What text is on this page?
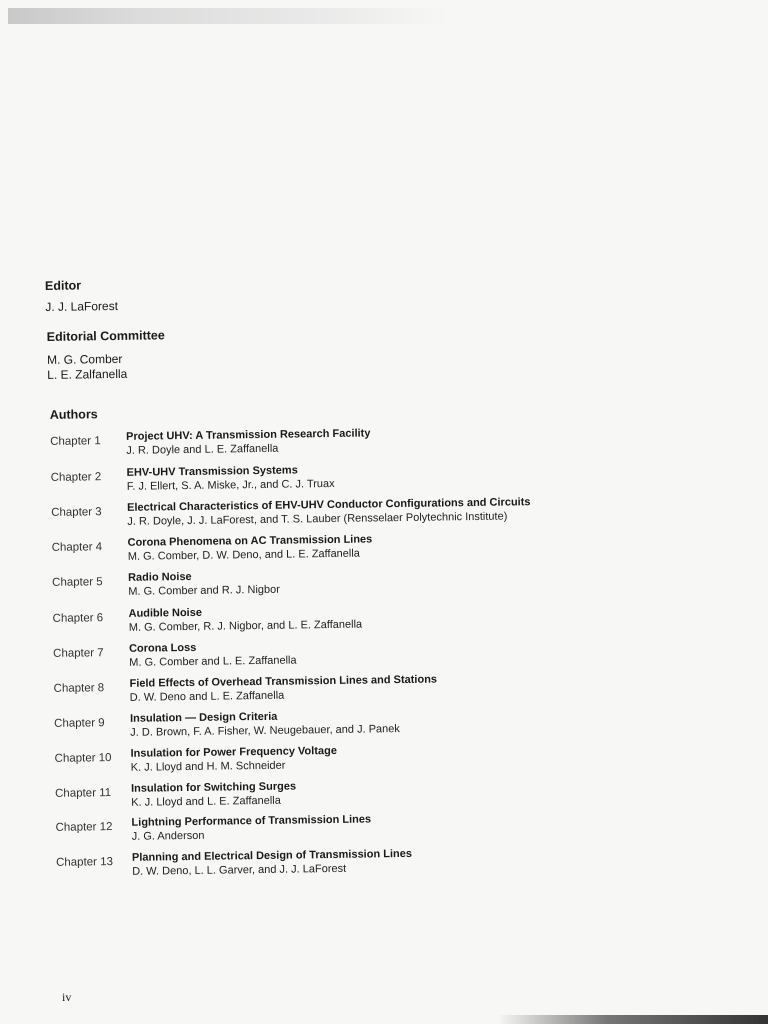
Editor
J. J. LaForest
Editorial Committee
M. G. Comber
L. E. Zalfanella
Authors
Chapter 1	Project UHV: A Transmission Research Facility
J. R. Doyle and L. E. Zaffanella
Chapter 2	EHV-UHV Transmission Systems
F. J. Ellert, S. A. Miske, Jr., and C. J. Truax
Chapter 3	Electrical Characteristics of EHV-UHV Conductor Configurations and Circuits
J. R. Doyle, J. J. LaForest, and T. S. Lauber (Rensselaer Polytechnic Institute)
Chapter 4	Corona Phenomena on AC Transmission Lines
M. G. Comber, D. W. Deno, and L. E. Zaffanella
Chapter 5	Radio Noise
M. G. Comber and R. J. Nigbor
Chapter 6	Audible Noise
M. G. Comber, R. J. Nigbor, and L. E. Zaffanella
Chapter 7	Corona Loss
M. G. Comber and L. E. Zaffanella
Chapter 8	Field Effects of Overhead Transmission Lines and Stations
D. W. Deno and L. E. Zaffanella
Chapter 9	Insulation — Design Criteria
J. D. Brown, F. A. Fisher, W. Neugebauer, and J. Panek
Chapter 10	Insulation for Power Frequency Voltage
K. J. Lloyd and H. M. Schneider
Chapter 11	Insulation for Switching Surges
K. J. Lloyd and L. E. Zaffanella
Chapter 12	Lightning Performance of Transmission Lines
J. G. Anderson
Chapter 13	Planning and Electrical Design of Transmission Lines
D. W. Deno, L. L. Garver, and J. J. LaForest
iv
